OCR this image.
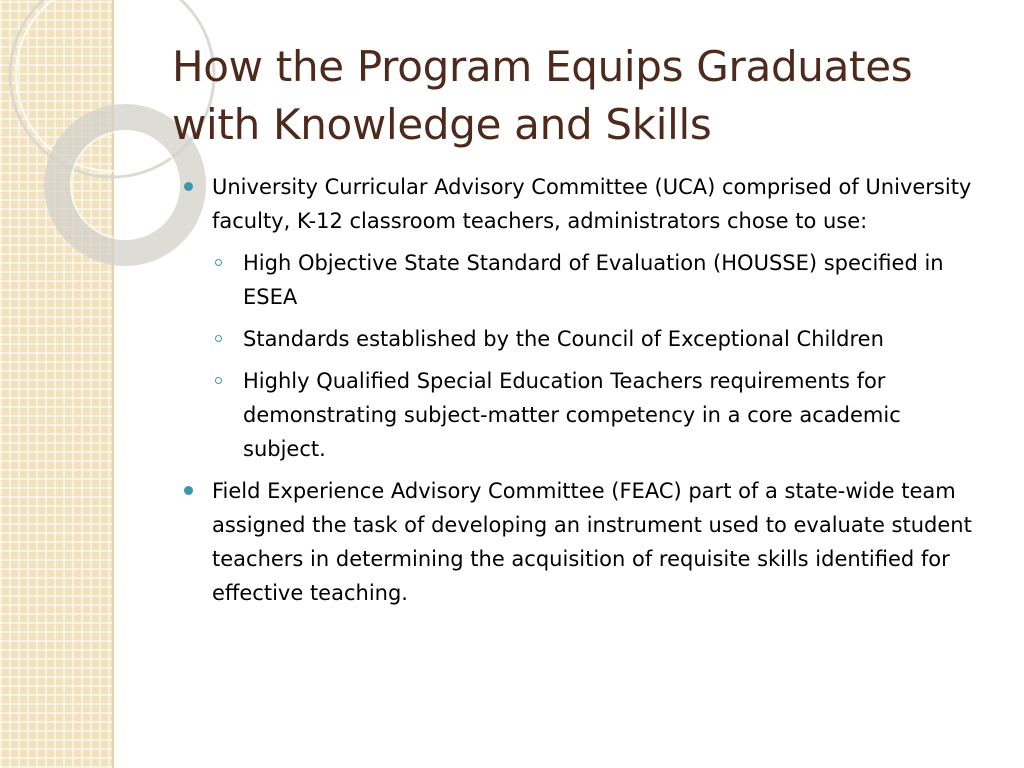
How the Program Equips Graduates
with Knowledge and Skills
University Curricular Advisory Committee (UCA) comprised of University faculty, K-12 classroom teachers, administrators chose to use:
High Objective State Standard of Evaluation (HOUSSE) specified in ESEA
Standards established by the Council of Exceptional Children
Highly Qualified Special Education Teachers requirements for demonstrating subject-matter competency in a core academic subject.
Field Experience Advisory Committee (FEAC) part of a state-wide team assigned the task of developing an instrument used to evaluate student teachers in determining the acquisition of requisite skills identified for effective teaching.
